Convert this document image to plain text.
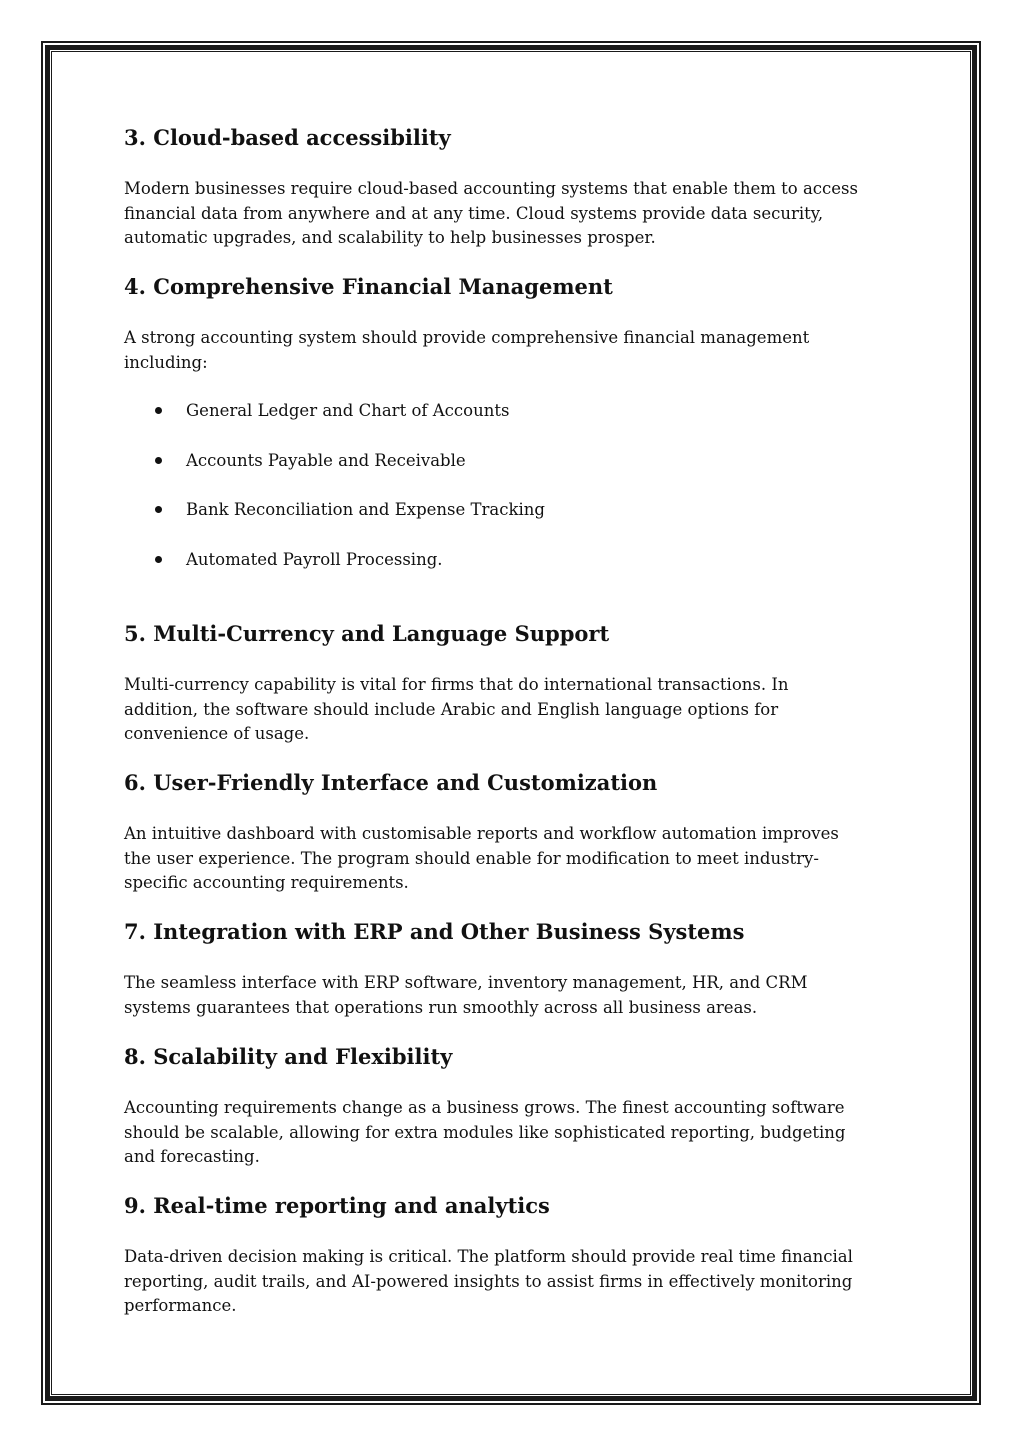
3. Cloud-based accessibility

Modern businesses require cloud-based accounting systems that enable them to access
financial data from anywhere and at any time. Cloud systems provide data security,
automatic upgrades, and scalability to help businesses prosper.

4. Comprehensive Financial Management

A strong accounting system should provide comprehensive financial management
including:

General Ledger and Chart of Accounts
Accounts Payable and Receivable
Bank Reconciliation and Expense Tracking
Automated Payroll Processing.
5. Multi-Currency and Language Support

Multi-currency capability is vital for firms that do international transactions. In
addition, the software should include Arabic and English language options for
convenience of usage.

6. User-Friendly Interface and Customization

An intuitive dashboard with customisable reports and workflow automation improves
the user experience. The program should enable for modification to meet industry-
specific accounting requirements.

7. Integration with ERP and Other Business Systems

The seamless interface with ERP software, inventory management, HR, and CRM
systems guarantees that operations run smoothly across all business areas.

8. Scalability and Flexibility

Accounting requirements change as a business grows. The finest accounting software
should be scalable, allowing for extra modules like sophisticated reporting, budgeting
and forecasting.

9. Real-time reporting and analytics

Data-driven decision making is critical. The platform should provide real time financial
reporting, audit trails, and AI-powered insights to assist firms in effectively monitoring
performance.
